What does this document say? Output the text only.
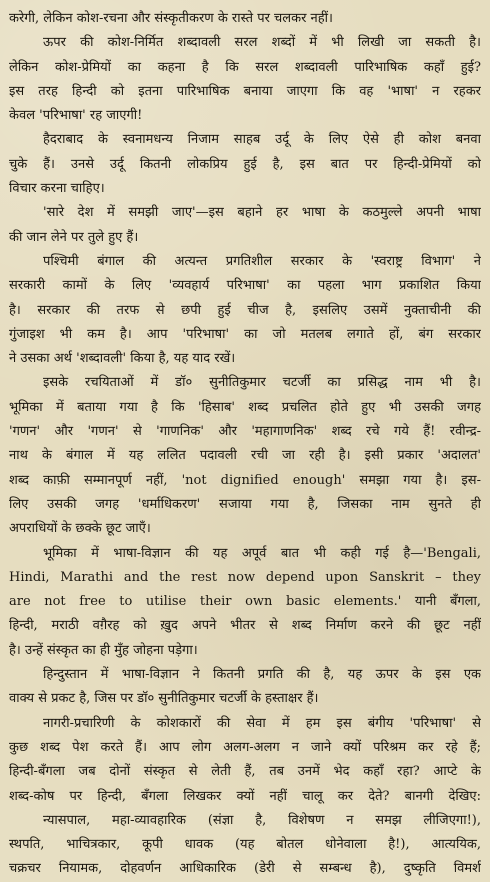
करेगी, लेकिन कोश-रचना और संस्कृतीकरण के रास्ते पर चलकर नहीं।
ऊपर की कोश-निर्मित शब्दावली सरल शब्दों में भी लिखी जा सकती है।
लेकिन कोश-प्रेमियों का कहना है कि सरल शब्दावली पारिभाषिक कहाँ हुई?
इस तरह हिन्दी को इतना पारिभाषिक बनाया जाएगा कि वह 'भाषा' न रहकर
केवल 'परिभाषा' रह जाएगी!
हैदराबाद के स्वनामधन्य निजाम साहब उर्दू के लिए ऐसे ही कोश बनवा
चुके हैं। उनसे उर्दू कितनी लोकप्रिय हुई है, इस बात पर हिन्दी-प्रेमियों को
विचार करना चाहिए।
'सारे देश में समझी जाए'—इस बहाने हर भाषा के कठमुल्ले अपनी भाषा
की जान लेने पर तुले हुए हैं।
पश्चिमी बंगाल की अत्यन्त प्रगतिशील सरकार के 'स्वराष्ट्र विभाग' ने
सरकारी कामों के लिए 'व्यवहार्य परिभाषा' का पहला भाग प्रकाशित किया
है। सरकार की तरफ से छपी हुई चीज है, इसलिए उसमें नुक्ताचीनी की
गुंजाइश भी कम है। आप 'परिभाषा' का जो मतलब लगाते हों, बंग सरकार
ने उसका अर्थ 'शब्दावली' किया है, यह याद रखें।
इसके रचयिताओं में डॉ० सुनीतिकुमार चटर्जी का प्रसिद्ध नाम भी है।
भूमिका में बताया गया है कि 'हिसाब' शब्द प्रचलित होते हुए भी उसकी जगह
'गणन' और 'गणन' से 'गाणनिक' और 'महागाणनिक' शब्द रचे गये हैं! रवीन्द्र-
नाथ के बंगाल में यह ललित पदावली रची जा रही है। इसी प्रकार 'अदालत'
शब्द काफ़ी सम्मानपूर्ण नहीं, 'not dignified enough' समझा गया है। इस-
लिए उसकी जगह 'धर्माधिकरण' सजाया गया है, जिसका नाम सुनते ही
अपराधियों के छक्के छूट जाएँ।
भूमिका में भाषा-विज्ञान की यह अपूर्व बात भी कही गई है—'Bengali,
Hindi, Marathi and the rest now depend upon Sanskrit – they
are not free to utilise their own basic elements.' यानी बँगला,
हिन्दी, मराठी वग़ैरह को ख़ुद अपने भीतर से शब्द निर्माण करने की छूट नहीं
है। उन्हें संस्कृत का ही मुँह जोहना पड़ेगा।
हिन्दुस्तान में भाषा-विज्ञान ने कितनी प्रगति की है, यह ऊपर के इस एक
वाक्य से प्रकट है, जिस पर डॉ० सुनीतिकुमार चटर्जी के हस्ताक्षर हैं।
नागरी-प्रचारिणी के कोशकारों की सेवा में हम इस बंगीय 'परिभाषा' से
कुछ शब्द पेश करते हैं। आप लोग अलग-अलग न जाने क्यों परिश्रम कर रहे हैं;
हिन्दी-बँगला जब दोनों संस्कृत से लेती हैं, तब उनमें भेद कहाँ रहा? आप्टे के
शब्द-कोष पर हिन्दी, बँगला लिखकर क्यों नहीं चालू कर देते? बानगी देखिए:
न्यासपाल, महा-व्यावहारिक (संज्ञा है, विशेषण न समझ लीजिएगा!),
स्थपति, भाचित्रकार, कूपी धावक (यह बोतल धोनेवाला है!), आत्ययिक,
चक्रचर नियामक, दोहवर्णन आधिकारिक (डेरी से सम्बन्ध है), दुष्कृति विमर्श
